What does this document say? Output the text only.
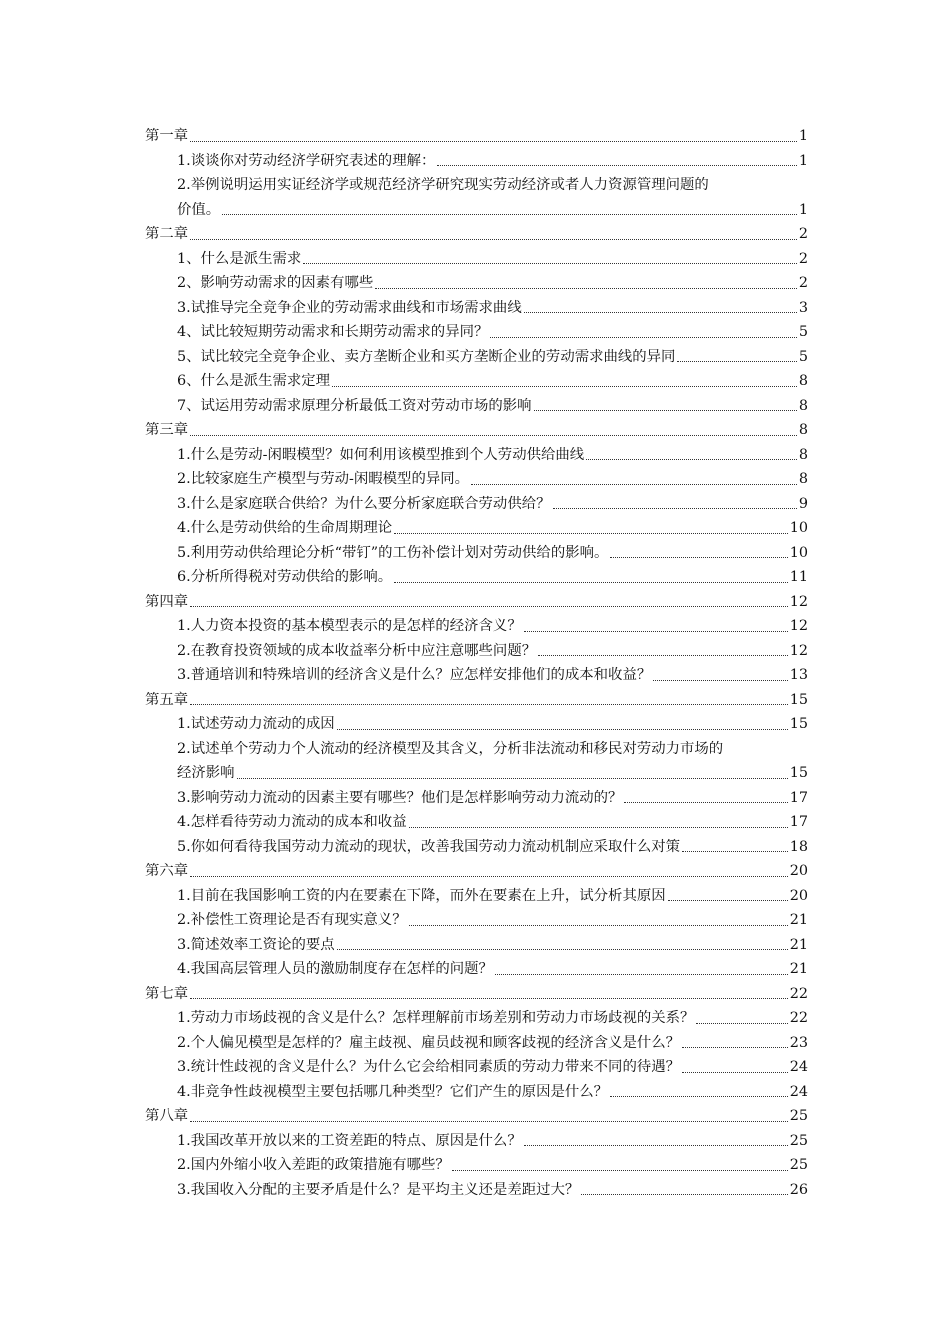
第一章	1
1.谈谈你对劳动经济学研究表述的理解：	1
2.举例说明运用实证经济学或规范经济学研究现实劳动经济或者人力资源管理问题的
价值。	1
第二章	2
1、什么是派生需求	2
2、影响劳动需求的因素有哪些	2
3.试推导完全竞争企业的劳动需求曲线和市场需求曲线	3
4、试比较短期劳动需求和长期劳动需求的异同？	5
5、试比较完全竞争企业、卖方垄断企业和买方垄断企业的劳动需求曲线的异同	5
6、什么是派生需求定理	8
7、试运用劳动需求原理分析最低工资对劳动市场的影响	8
第三章	8
1.什么是劳动-闲暇模型？如何利用该模型推到个人劳动供给曲线	8
2.比较家庭生产模型与劳动-闲暇模型的异同。	8
3.什么是家庭联合供给？为什么要分析家庭联合劳动供给？	9
4.什么是劳动供给的生命周期理论	10
5.利用劳动供给理论分析“带钉”的工伤补偿计划对劳动供给的影响。	10
6.分析所得税对劳动供给的影响。	11
第四章	12
1.人力资本投资的基本模型表示的是怎样的经济含义？	12
2.在教育投资领域的成本收益率分析中应注意哪些问题？	12
3.普通培训和特殊培训的经济含义是什么？应怎样安排他们的成本和收益？	13
第五章	15
1.试述劳动力流动的成因	15
2.试述单个劳动力个人流动的经济模型及其含义，分析非法流动和移民对劳动力市场的
经济影响	15
3.影响劳动力流动的因素主要有哪些？他们是怎样影响劳动力流动的？	17
4.怎样看待劳动力流动的成本和收益	17
5.你如何看待我国劳动力流动的现状，改善我国劳动力流动机制应采取什么对策	18
第六章	20
1.目前在我国影响工资的内在要素在下降，而外在要素在上升，试分析其原因	20
2.补偿性工资理论是否有现实意义？	21
3.简述效率工资论的要点	21
4.我国高层管理人员的激励制度存在怎样的问题？	21
第七章	22
1.劳动力市场歧视的含义是什么？怎样理解前市场差别和劳动力市场歧视的关系？	22
2.个人偏见模型是怎样的？雇主歧视、雇员歧视和顾客歧视的经济含义是什么？	23
3.统计性歧视的含义是什么？为什么它会给相同素质的劳动力带来不同的待遇？	24
4.非竞争性歧视模型主要包括哪几种类型？它们产生的原因是什么？	24
第八章	25
1.我国改革开放以来的工资差距的特点、原因是什么？	25
2.国内外缩小收入差距的政策措施有哪些？	25
3.我国收入分配的主要矛盾是什么？是平均主义还是差距过大？	26
